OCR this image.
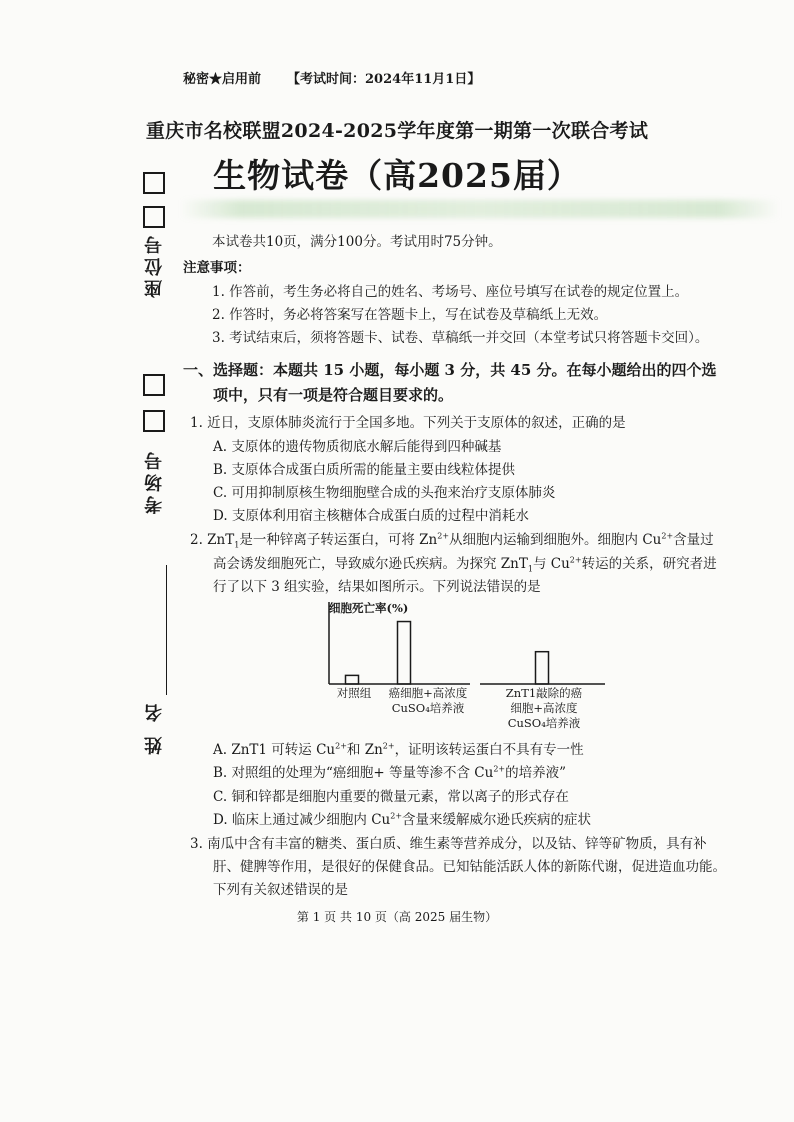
秘密★启用前 【考试时间：2024年11月1日】
重庆市名校联盟2024-2025学年度第一期第一次联合考试
生物试卷（高2025届）
座位号
考场号
姓 名
本试卷共10页，满分100分。考试用时75分钟。
注意事项：
1. 作答前，考生务必将自己的姓名、考场号、座位号填写在试卷的规定位置上。
2. 作答时，务必将答案写在答题卡上，写在试卷及草稿纸上无效。
3. 考试结束后，须将答题卡、试卷、草稿纸一并交回（本堂考试只将答题卡交回）。
一、选择题：本题共 15 小题，每小题 3 分，共 45 分。在每小题给出的四个选
项中，只有一项是符合题目要求的。
1. 近日，支原体肺炎流行于全国多地。下列关于支原体的叙述，正确的是
A. 支原体的遗传物质彻底水解后能得到四种碱基
B. 支原体合成蛋白质所需的能量主要由线粒体提供
C. 可用抑制原核生物细胞壁合成的头孢来治疗支原体肺炎
D. 支原体利用宿主核糖体合成蛋白质的过程中消耗水
2. ZnT$_1$是一种锌离子转运蛋白，可将 $Zn^{2+}$从细胞内运输到细胞外。细胞内 $Cu^{2+}$含量过
高会诱发细胞死亡，导致威尔逊氏疾病。为探究 ZnT$_1$与 $Cu^{2+}$转运的关系，研究者进
行了以下 3 组实验，结果如图所示。下列说法错误的是
细胞死亡率(%)
对照组	癌细胞+高浓度
CuSO₄培养液
ZnT1敲除的癌
细胞+高浓度
CuSO₄培养液
A. ZnT1 可转运 $Cu^{2+}$和 $Zn^{2+}$，证明该转运蛋白不具有专一性
B. 对照组的处理为“癌细胞+ 等量等渗不含 $Cu^{2+}$的培养液”
C. 铜和锌都是细胞内重要的微量元素，常以离子的形式存在
D. 临床上通过减少细胞内 $Cu^{2+}$含量来缓解威尔逊氏疾病的症状
3. 南瓜中含有丰富的糖类、蛋白质、维生素等营养成分，以及钴、锌等矿物质，具有补
肝、健脾等作用，是很好的保健食品。已知钴能活跃人体的新陈代谢，促进造血功能。
下列有关叙述错误的是
第 1 页 共 10 页（高 2025 届生物）
